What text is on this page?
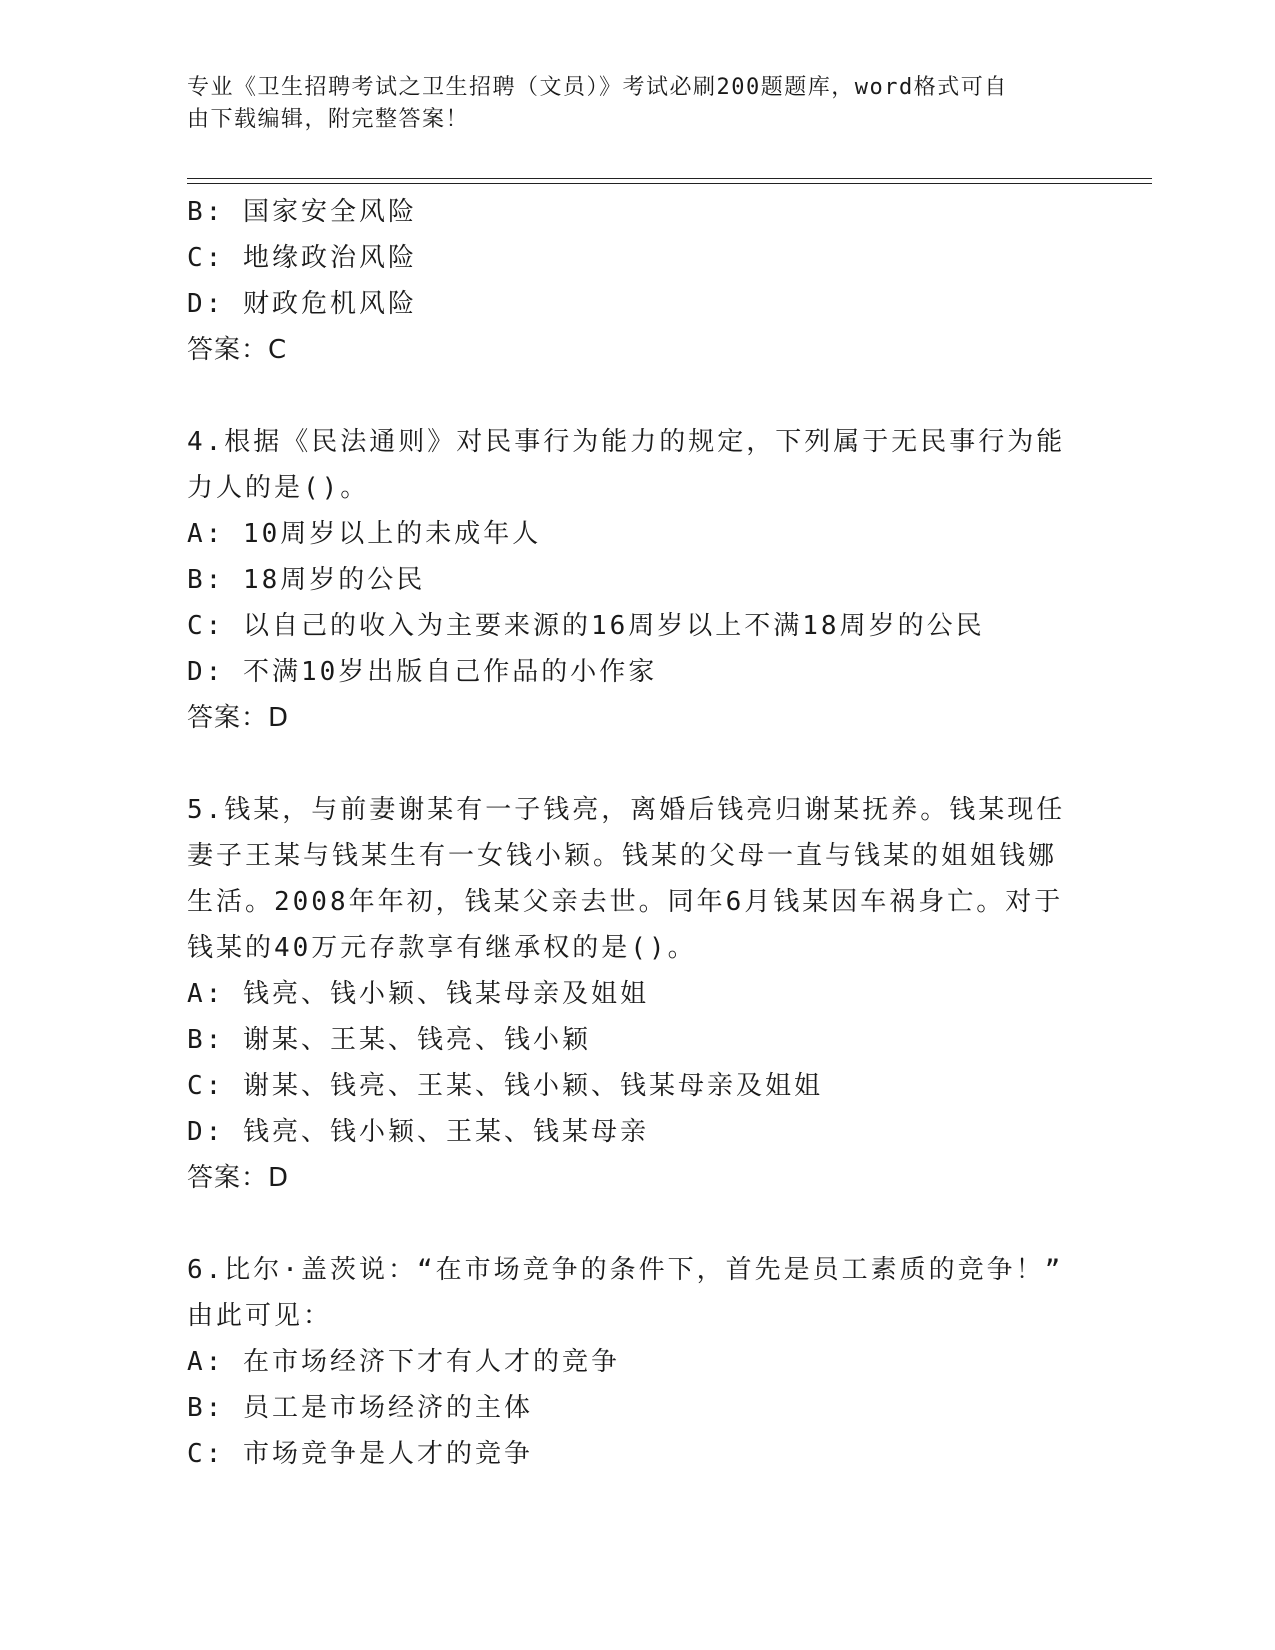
专业《卫生招聘考试之卫生招聘（文员）》考试必刷200题题库，word格式可自
由下载编辑，附完整答案！
B: 国家安全风险
C: 地缘政治风险
D: 财政危机风险
答案：C
4.根据《民法通则》对民事行为能力的规定，下列属于无民事行为能
力人的是()。
A: 10周岁以上的未成年人
B: 18周岁的公民
C: 以自己的收入为主要来源的16周岁以上不满18周岁的公民
D: 不满10岁出版自己作品的小作家
答案：D
5.钱某，与前妻谢某有一子钱亮，离婚后钱亮归谢某抚养。钱某现任
妻子王某与钱某生有一女钱小颖。钱某的父母一直与钱某的姐姐钱娜
生活。2008年年初，钱某父亲去世。同年6月钱某因车祸身亡。对于
钱某的40万元存款享有继承权的是()。
A: 钱亮、钱小颖、钱某母亲及姐姐
B: 谢某、王某、钱亮、钱小颖
C: 谢某、钱亮、王某、钱小颖、钱某母亲及姐姐
D: 钱亮、钱小颖、王某、钱某母亲
答案：D
6.比尔·盖茨说：“在市场竞争的条件下，首先是员工素质的竞争！”
由此可见：
A: 在市场经济下才有人才的竞争
B: 员工是市场经济的主体
C: 市场竞争是人才的竞争
